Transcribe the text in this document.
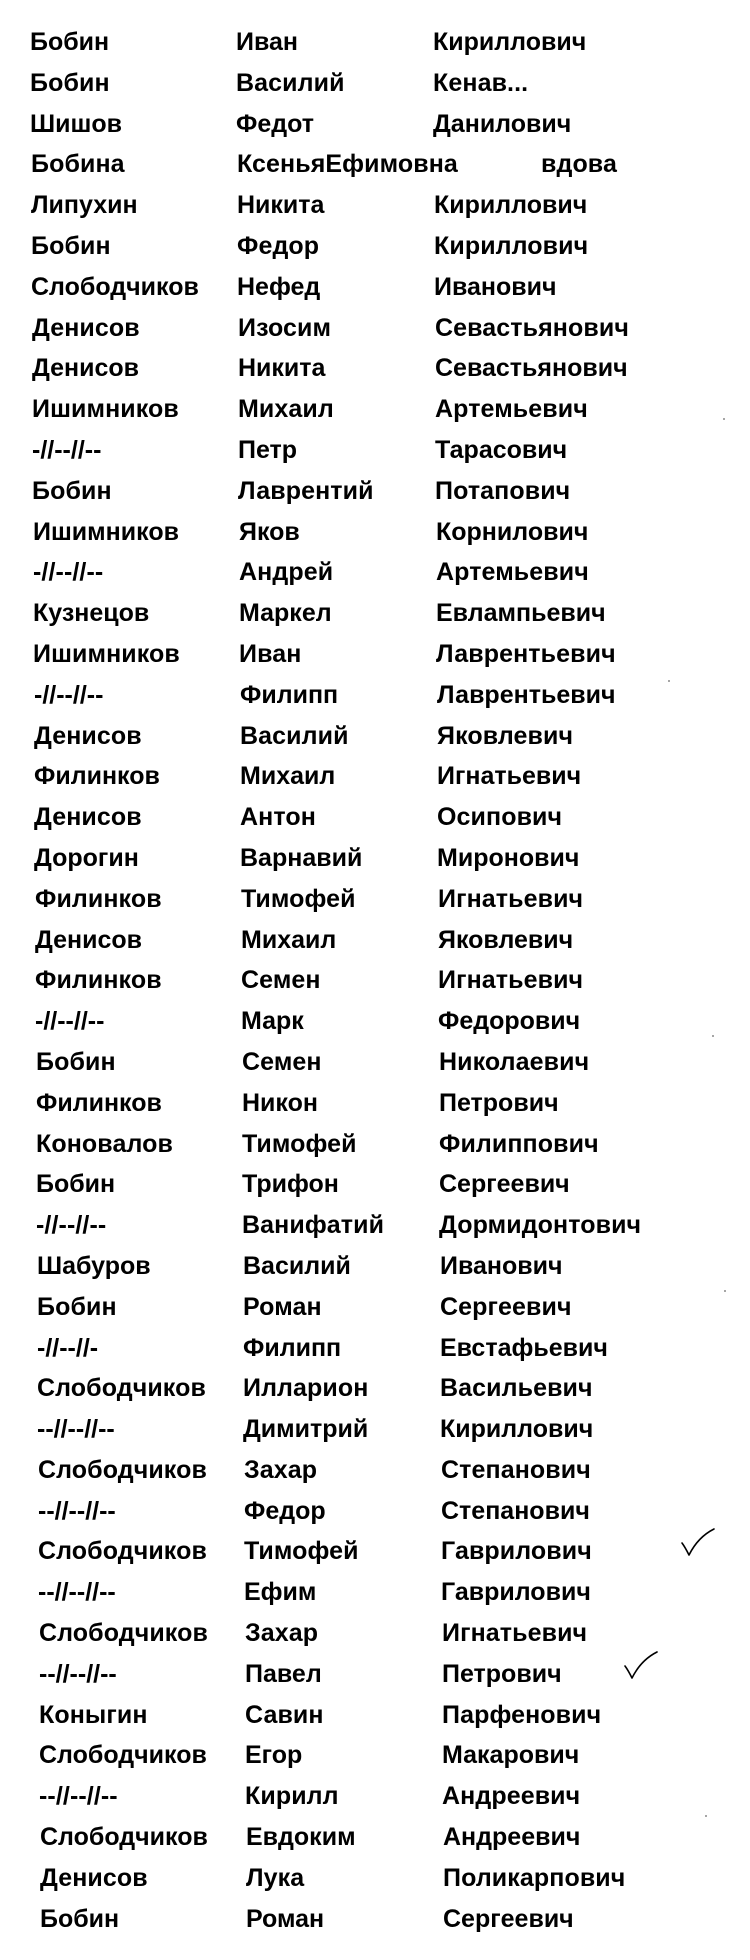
Бобин	Иван	Кириллович
Бобин	Василий	Кенав...
Шишов	Федот	Данилович
Бобина	КсеньяЕфимовна	вдова
Липухин	Никита	Кириллович
Бобин	Федор	Кириллович
Слободчиков Нефед	Иванович
Денисов	Изосим	Севастьянович
Денисов	Никита	Севастьянович
Ишимников Михаил	Артемьевич
-//--//--	Петр	Тарасович
Бобин	Лаврентий Потапович
Ишимников Яков	Корнилович
-//--//--	Андрей	Артемьевич
Кузнецов	Маркел	Евлампьевич
Ишимников Иван	Лаврентьевич
-//--//--	Филипп	Лаврентьевич
Денисов	Василий	Яковлевич
Филинков	Михаил	Игнатьевич
Денисов	Антон	Осипович
Дорогин	Варнавий	Миронович
Филинков	Тимофей	Игнатьевич
Денисов	Михаил	Яковлевич
Филинков	Семен	Игнатьевич
-//--//--	Марк	Федорович
Бобин	Семен	Николаевич
Филинков	Никон	Петрович
Коновалов	Тимофей	Филиппович
Бобин	Трифон	Сергеевич
-//--//--	Ванифатий Дормидонтович
Шабуров	Василий	Иванович
Бобин	Роман	Сергеевич
-//--//-	Филипп	Евстафьевич
Слободчиков Илларион	Васильевич
--//--//--	Димитрий	Кириллович
Слободчиков Захар	Степанович
--//--//--	Федор	Степанович
Слободчиков Тимофей	Гаврилович
--//--//--	Ефим	Гаврилович
Слободчиков Захар	Игнатьевич
--//--//--	Павел	Петрович
Коныгин	Савин	Парфенович
Слободчиков Егор	Макарович
--//--//--	Кирилл	Андреевич
Слободчиков Евдоким	Андреевич
Денисов	Лука	Поликарпович
Бобин	Роман	Сергеевич
